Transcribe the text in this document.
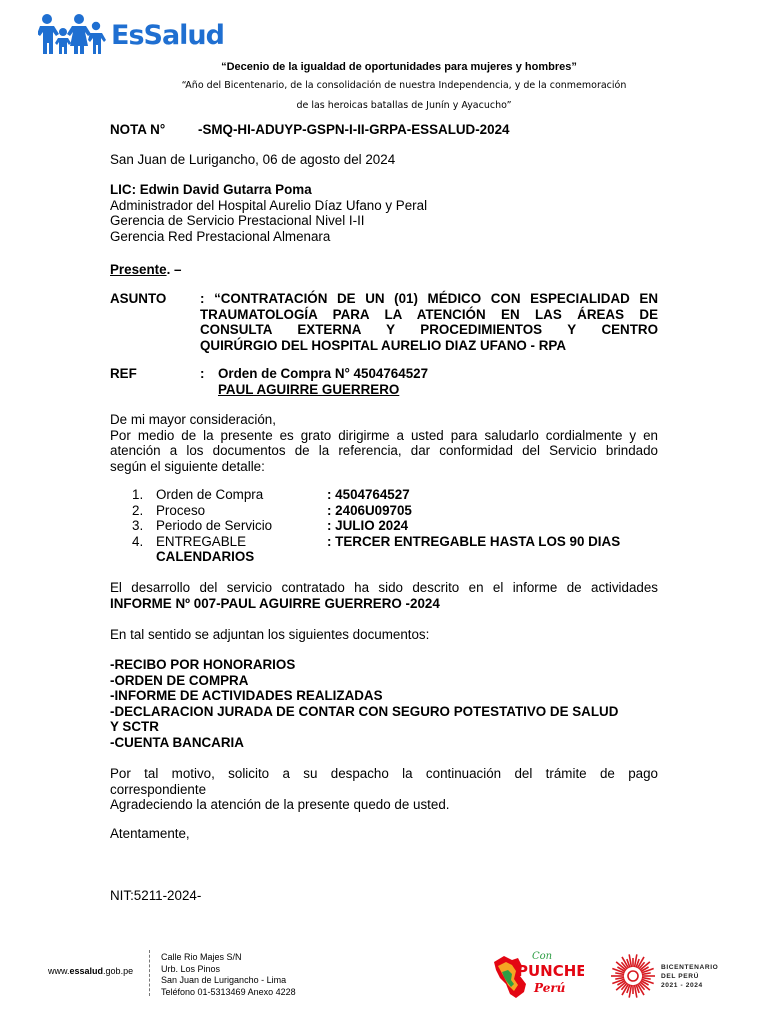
EsSalud
“Decenio de la igualdad de oportunidades para mujeres y hombres”
“Año del Bicentenario, de la consolidación de nuestra Independencia, y de la conmemoración
de las heroicas batallas de Junín y Ayacucho”
NOTA N° -SMQ-HI-ADUYP-GSPN-I-II-GRPA-ESSALUD-2024
San Juan de Lurigancho, 06 de agosto del 2024
LIC: Edwin David Gutarra Poma
Administrador del Hospital Aurelio Díaz Ufano y Peral
Gerencia de Servicio Prestacional Nivel I-II
Gerencia Red Prestacional Almenara
Presente. –
ASUNTO	: “CONTRATACIÓN DE UN (01) MÉDICO CON ESPECIALIDAD EN
TRAUMATOLOGÍA PARA LA ATENCIÓN EN LAS ÁREAS DE
CONSULTA EXTERNA Y PROCEDIMIENTOS Y CENTRO
QUIRÚRGIO DEL HOSPITAL AURELIO DIAZ UFANO - RPA
REF	: Orden de Compra N° 4504764527
PAUL AGUIRRE GUERRERO
De mi mayor consideración,
Por medio de la presente es grato dirigirme a usted para saludarlo cordialmente y en
atención a los documentos de la referencia, dar conformidad del Servicio brindado
según el siguiente detalle:
1. Orden de Compra	: 4504764527
2. Proceso	: 2406U09705
3. Periodo de Servicio	: JULIO 2024
4. ENTREGABLE	: TERCER ENTREGABLE HASTA LOS 90 DIAS
CALENDARIOS
El desarrollo del servicio contratado ha sido descrito en el informe de actividades
INFORME Nº 007-PAUL AGUIRRE GUERRERO -2024
En tal sentido se adjuntan los siguientes documentos:
-RECIBO POR HONORARIOS
-ORDEN DE COMPRA
-INFORME DE ACTIVIDADES REALIZADAS
-DECLARACION JURADA DE CONTAR CON SEGURO POTESTATIVO DE SALUD
Y SCTR
-CUENTA BANCARIA
Por tal motivo, solicito a su despacho la continuación del trámite de pago
correspondiente
Agradeciendo la atención de la presente quedo de usted.
Atentamente,
NIT:5211-2024-
www.essalud.gob.pe
Calle Rio Majes S/N
Urb. Los Pinos
San Juan de Lurigancho - Lima
Teléfono 01-5313469 Anexo 4228
Con
PUNCHE
Perú
BICENTENARIO
DEL PERÚ
2021 - 2024
